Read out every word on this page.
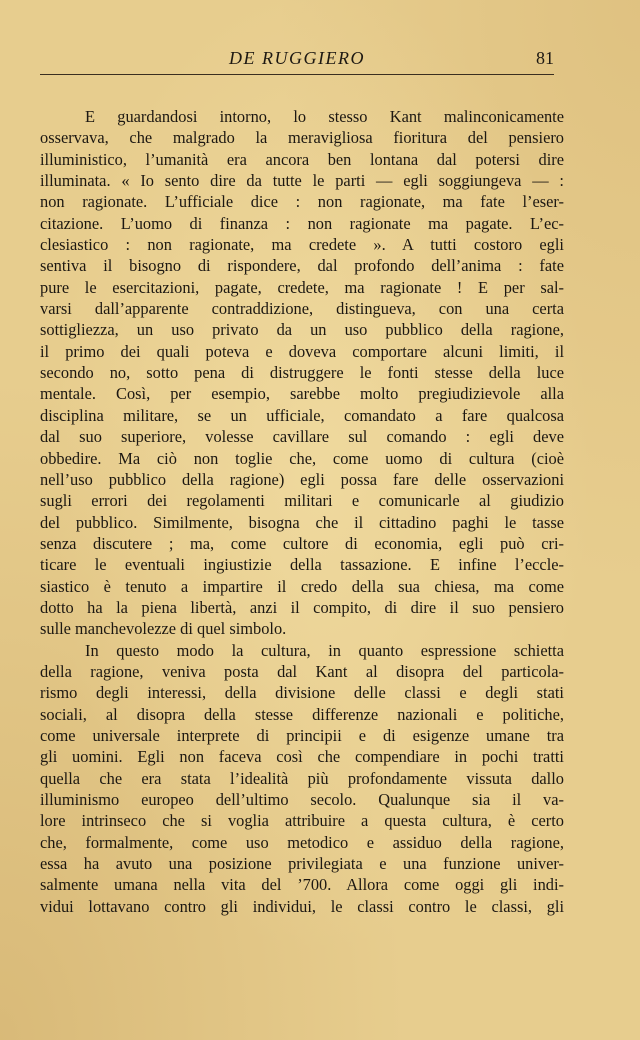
DE RUGGIERO	81
E guardandosi intorno, lo stesso Kant malinconicamente
osservava, che malgrado la meravigliosa fioritura del pensiero
illuministico, l’umanità era ancora ben lontana dal potersi dire
illuminata. « Io sento dire da tutte le parti — egli soggiungeva — :
non ragionate. L’ufficiale dice : non ragionate, ma fate l’eser-
citazione. L’uomo di finanza : non ragionate ma pagate. L’ec-
clesiastico : non ragionate, ma credete ». A tutti costoro egli
sentiva il bisogno di rispondere, dal profondo dell’anima : fate
pure le esercitazioni, pagate, credete, ma ragionate ! E per sal-
varsi dall’apparente contraddizione, distingueva, con una certa
sottigliezza, un uso privato da un uso pubblico della ragione,
il primo dei quali poteva e doveva comportare alcuni limiti, il
secondo no, sotto pena di distruggere le fonti stesse della luce
mentale. Così, per esempio, sarebbe molto pregiudizievole alla
disciplina militare, se un ufficiale, comandato a fare qualcosa
dal suo superiore, volesse cavillare sul comando : egli deve
obbedire. Ma ciò non toglie che, come uomo di cultura (cioè
nell’uso pubblico della ragione) egli possa fare delle osservazioni
sugli errori dei regolamenti militari e comunicarle al giudizio
del pubblico. Similmente, bisogna che il cittadino paghi le tasse
senza discutere ; ma, come cultore di economia, egli può cri-
ticare le eventuali ingiustizie della tassazione. E infine l’eccle-
siastico è tenuto a impartire il credo della sua chiesa, ma come
dotto ha la piena libertà, anzi il compito, di dire il suo pensiero
sulle manchevolezze di quel simbolo.
In questo modo la cultura, in quanto espressione schietta
della ragione, veniva posta dal Kant al disopra del particola-
rismo degli interessi, della divisione delle classi e degli stati
sociali, al disopra della stesse differenze nazionali e politiche,
come universale interprete di principii e di esigenze umane tra
gli uomini. Egli non faceva così che compendiare in pochi tratti
quella che era stata l’idealità più profondamente vissuta dallo
illuminismo europeo dell’ultimo secolo. Qualunque sia il va-
lore intrinseco che si voglia attribuire a questa cultura, è certo
che, formalmente, come uso metodico e assiduo della ragione,
essa ha avuto una posizione privilegiata e una funzione univer-
salmente umana nella vita del ’700. Allora come oggi gli indi-
vidui lottavano contro gli individui, le classi contro le classi, gli
